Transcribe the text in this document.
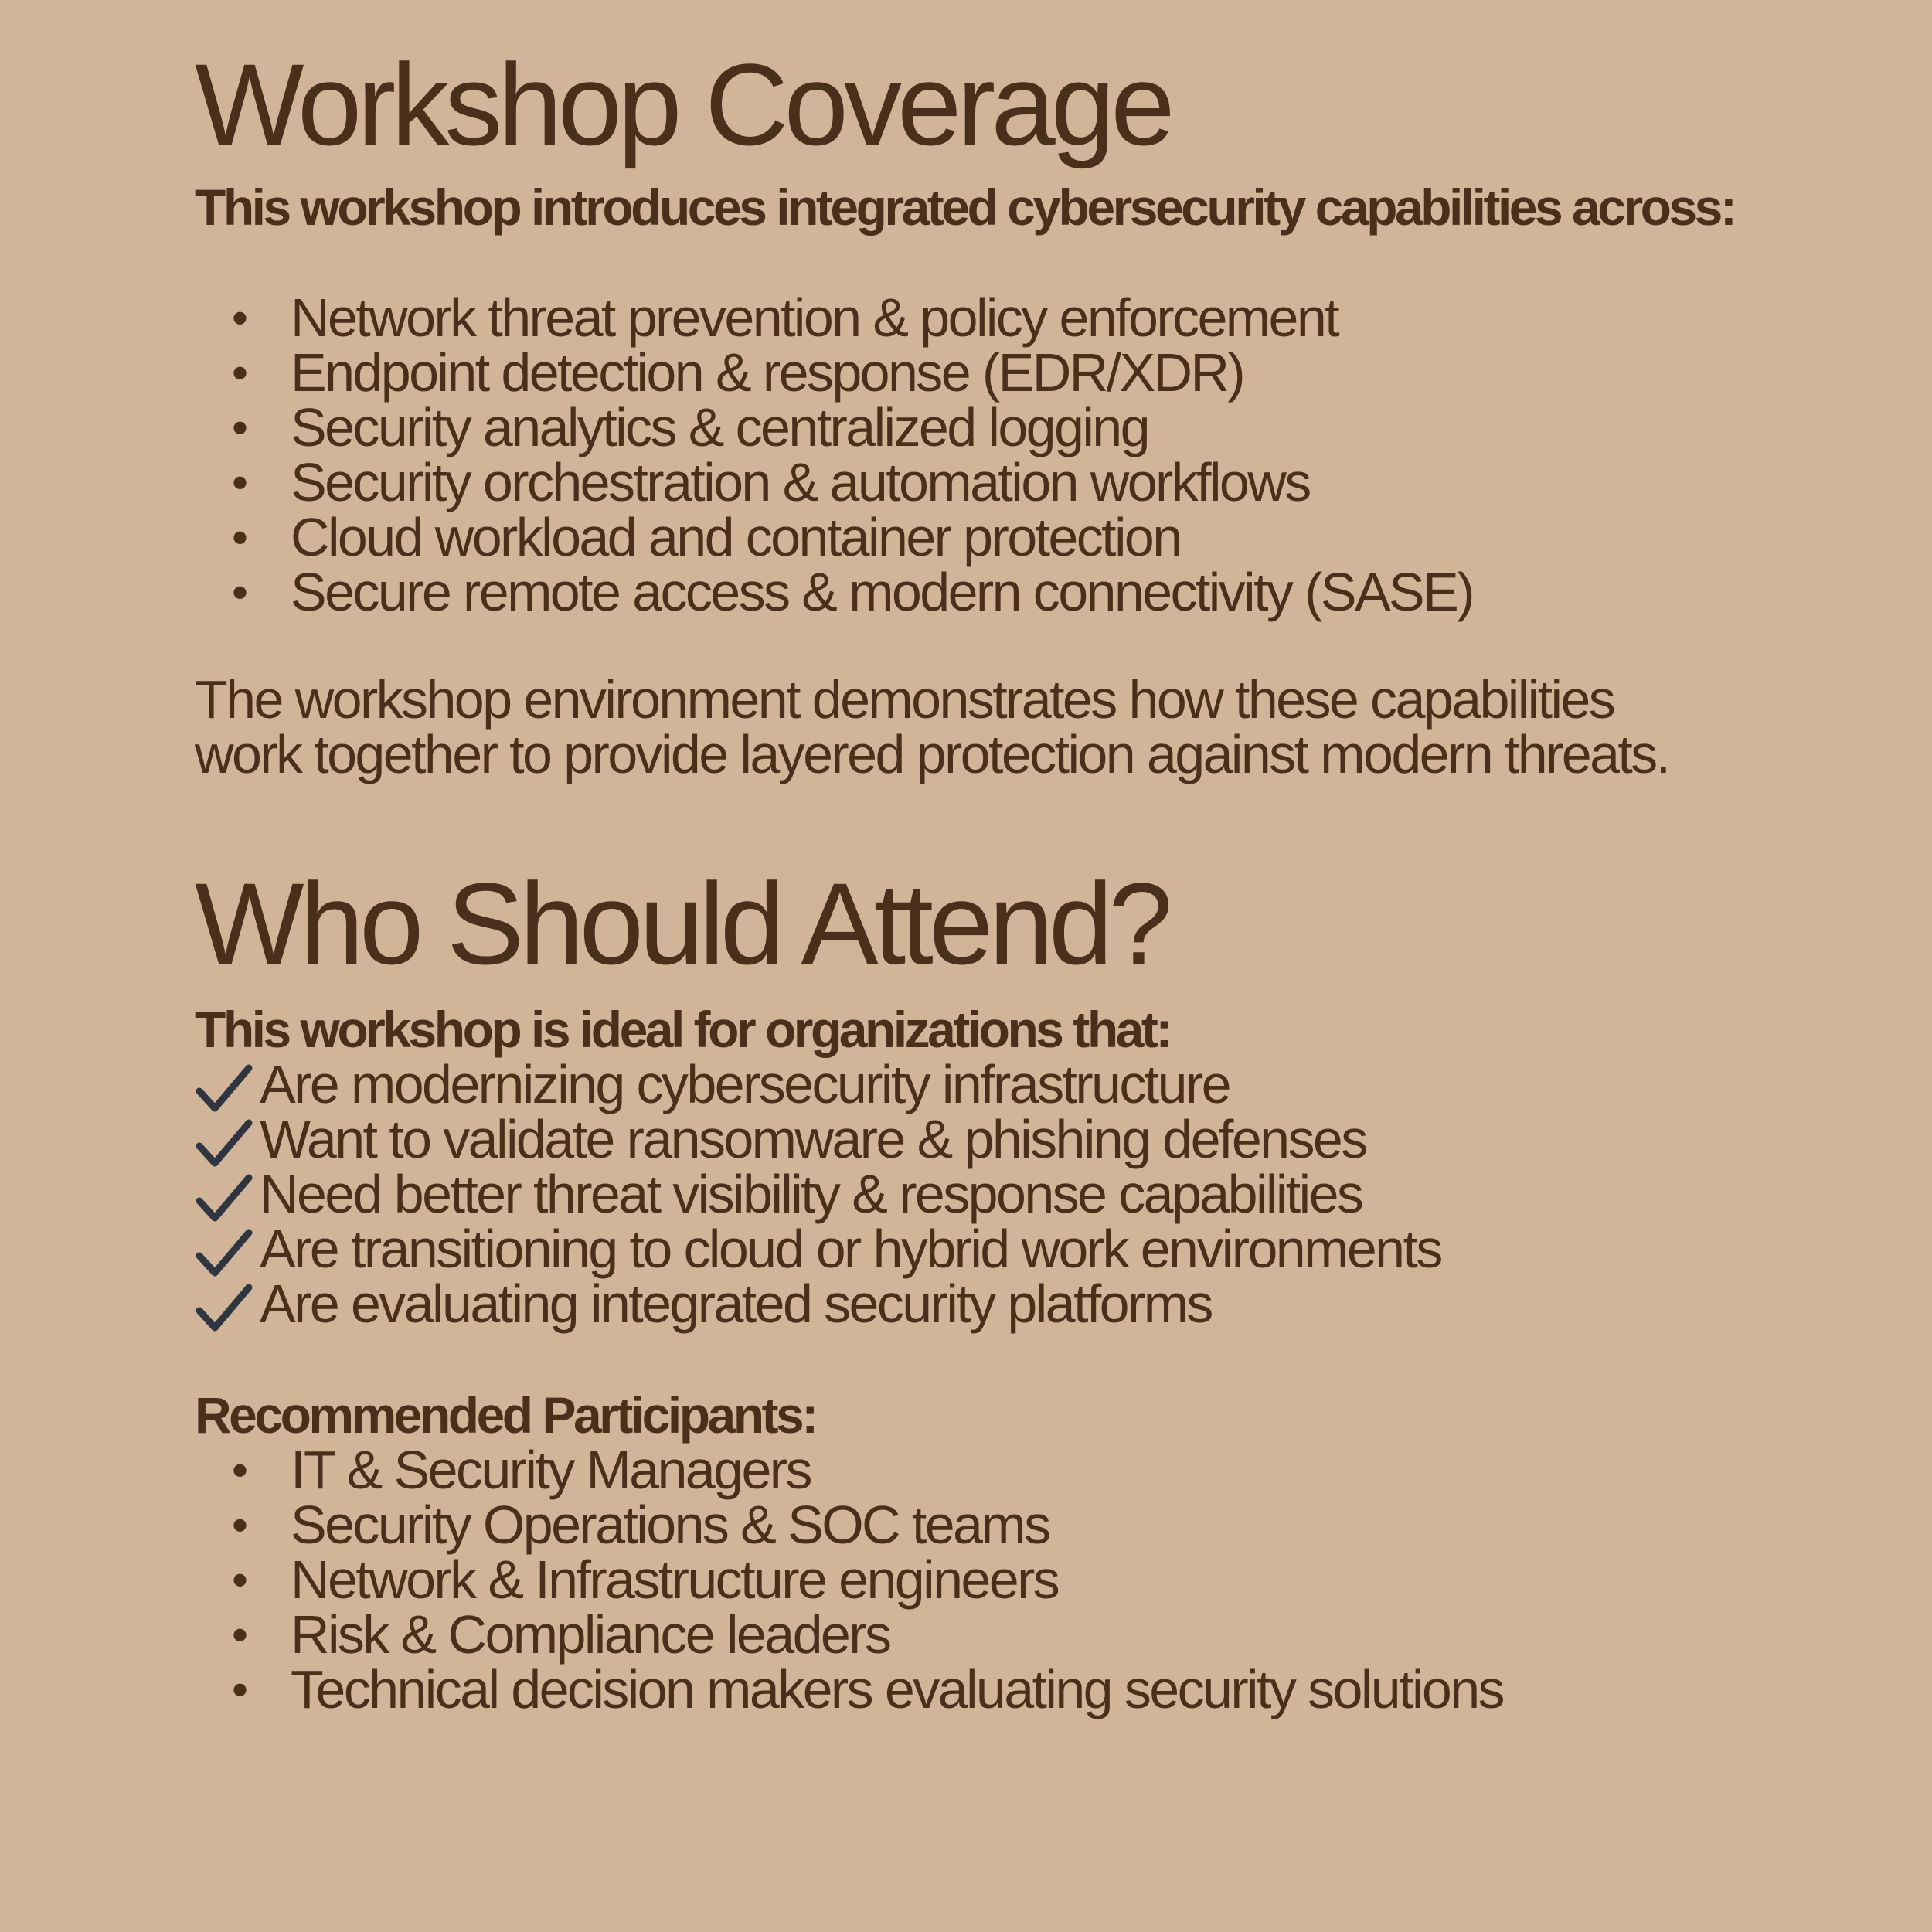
Workshop Coverage

This workshop introduces integrated cybersecurity capabilities across:

• Network threat prevention & policy enforcement
• Endpoint detection & response (EDR/XDR)
• Security analytics & centralized logging
• Security orchestration & automation workflows
• Cloud workload and container protection
• Secure remote access & modern connectivity (SASE)

The workshop environment demonstrates how these capabilities work together to provide layered protection against modern threats.

Who Should Attend?

This workshop is ideal for organizations that:

Are modernizing cybersecurity infrastructure
Want to validate ransomware & phishing defenses
Need better threat visibility & response capabilities
Are transitioning to cloud or hybrid work environments
Are evaluating integrated security platforms

Recommended Participants:

• IT & Security Managers
• Security Operations & SOC teams
• Network & Infrastructure engineers
• Risk & Compliance leaders
• Technical decision makers evaluating security solutions
